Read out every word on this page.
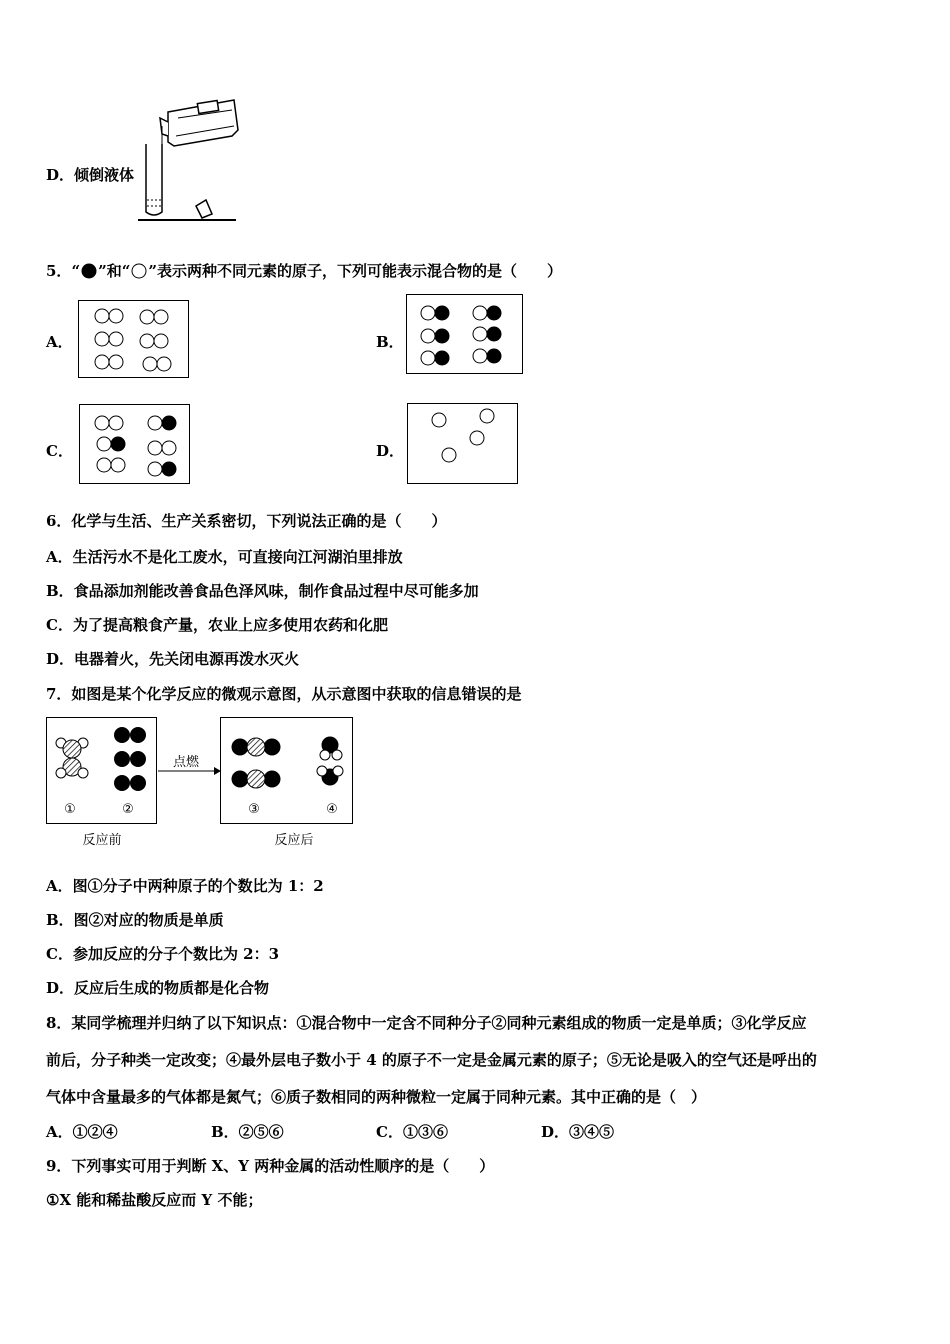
D．倾倒液体
5．“ ”和“ ”表示两种不同元素的原子，下列可能表示混合物的是（　　）
A．	B．
C．	D．
6．化学与生活、生产关系密切，下列说法正确的是（　　）
A．生活污水不是化工废水，可直接向江河湖泊里排放
B．食品添加剂能改善食品色泽风味，制作食品过程中尽可能多加
C．为了提高粮食产量，农业上应多使用农药和化肥
D．电器着火，先关闭电源再泼水灭火
7．如图是某个化学反应的微观示意图，从示意图中获取的信息错误的是
①	②
点燃
③	④
反应前	反应后
A．图①分子中两种原子的个数比为 1：2
B．图②对应的物质是单质
C．参加反应的分子个数比为 2：3
D．反应后生成的物质都是化合物
8．某同学梳理并归纳了以下知识点：①混合物中一定含不同种分子②同种元素组成的物质一定是单质；③化学反应
前后，分子种类一定改变；④最外层电子数小于 4 的原子不一定是金属元素的原子；⑤无论是吸入的空气还是呼出的
气体中含量最多的气体都是氮气；⑥质子数相同的两种微粒一定属于同种元素。其中正确的是（　）
A．①②④	B．②⑤⑥	C．①③⑥	D．③④⑤
9．下列事实可用于判断 X、Y 两种金属的活动性顺序的是（　　）
①X 能和稀盐酸反应而 Y 不能；
